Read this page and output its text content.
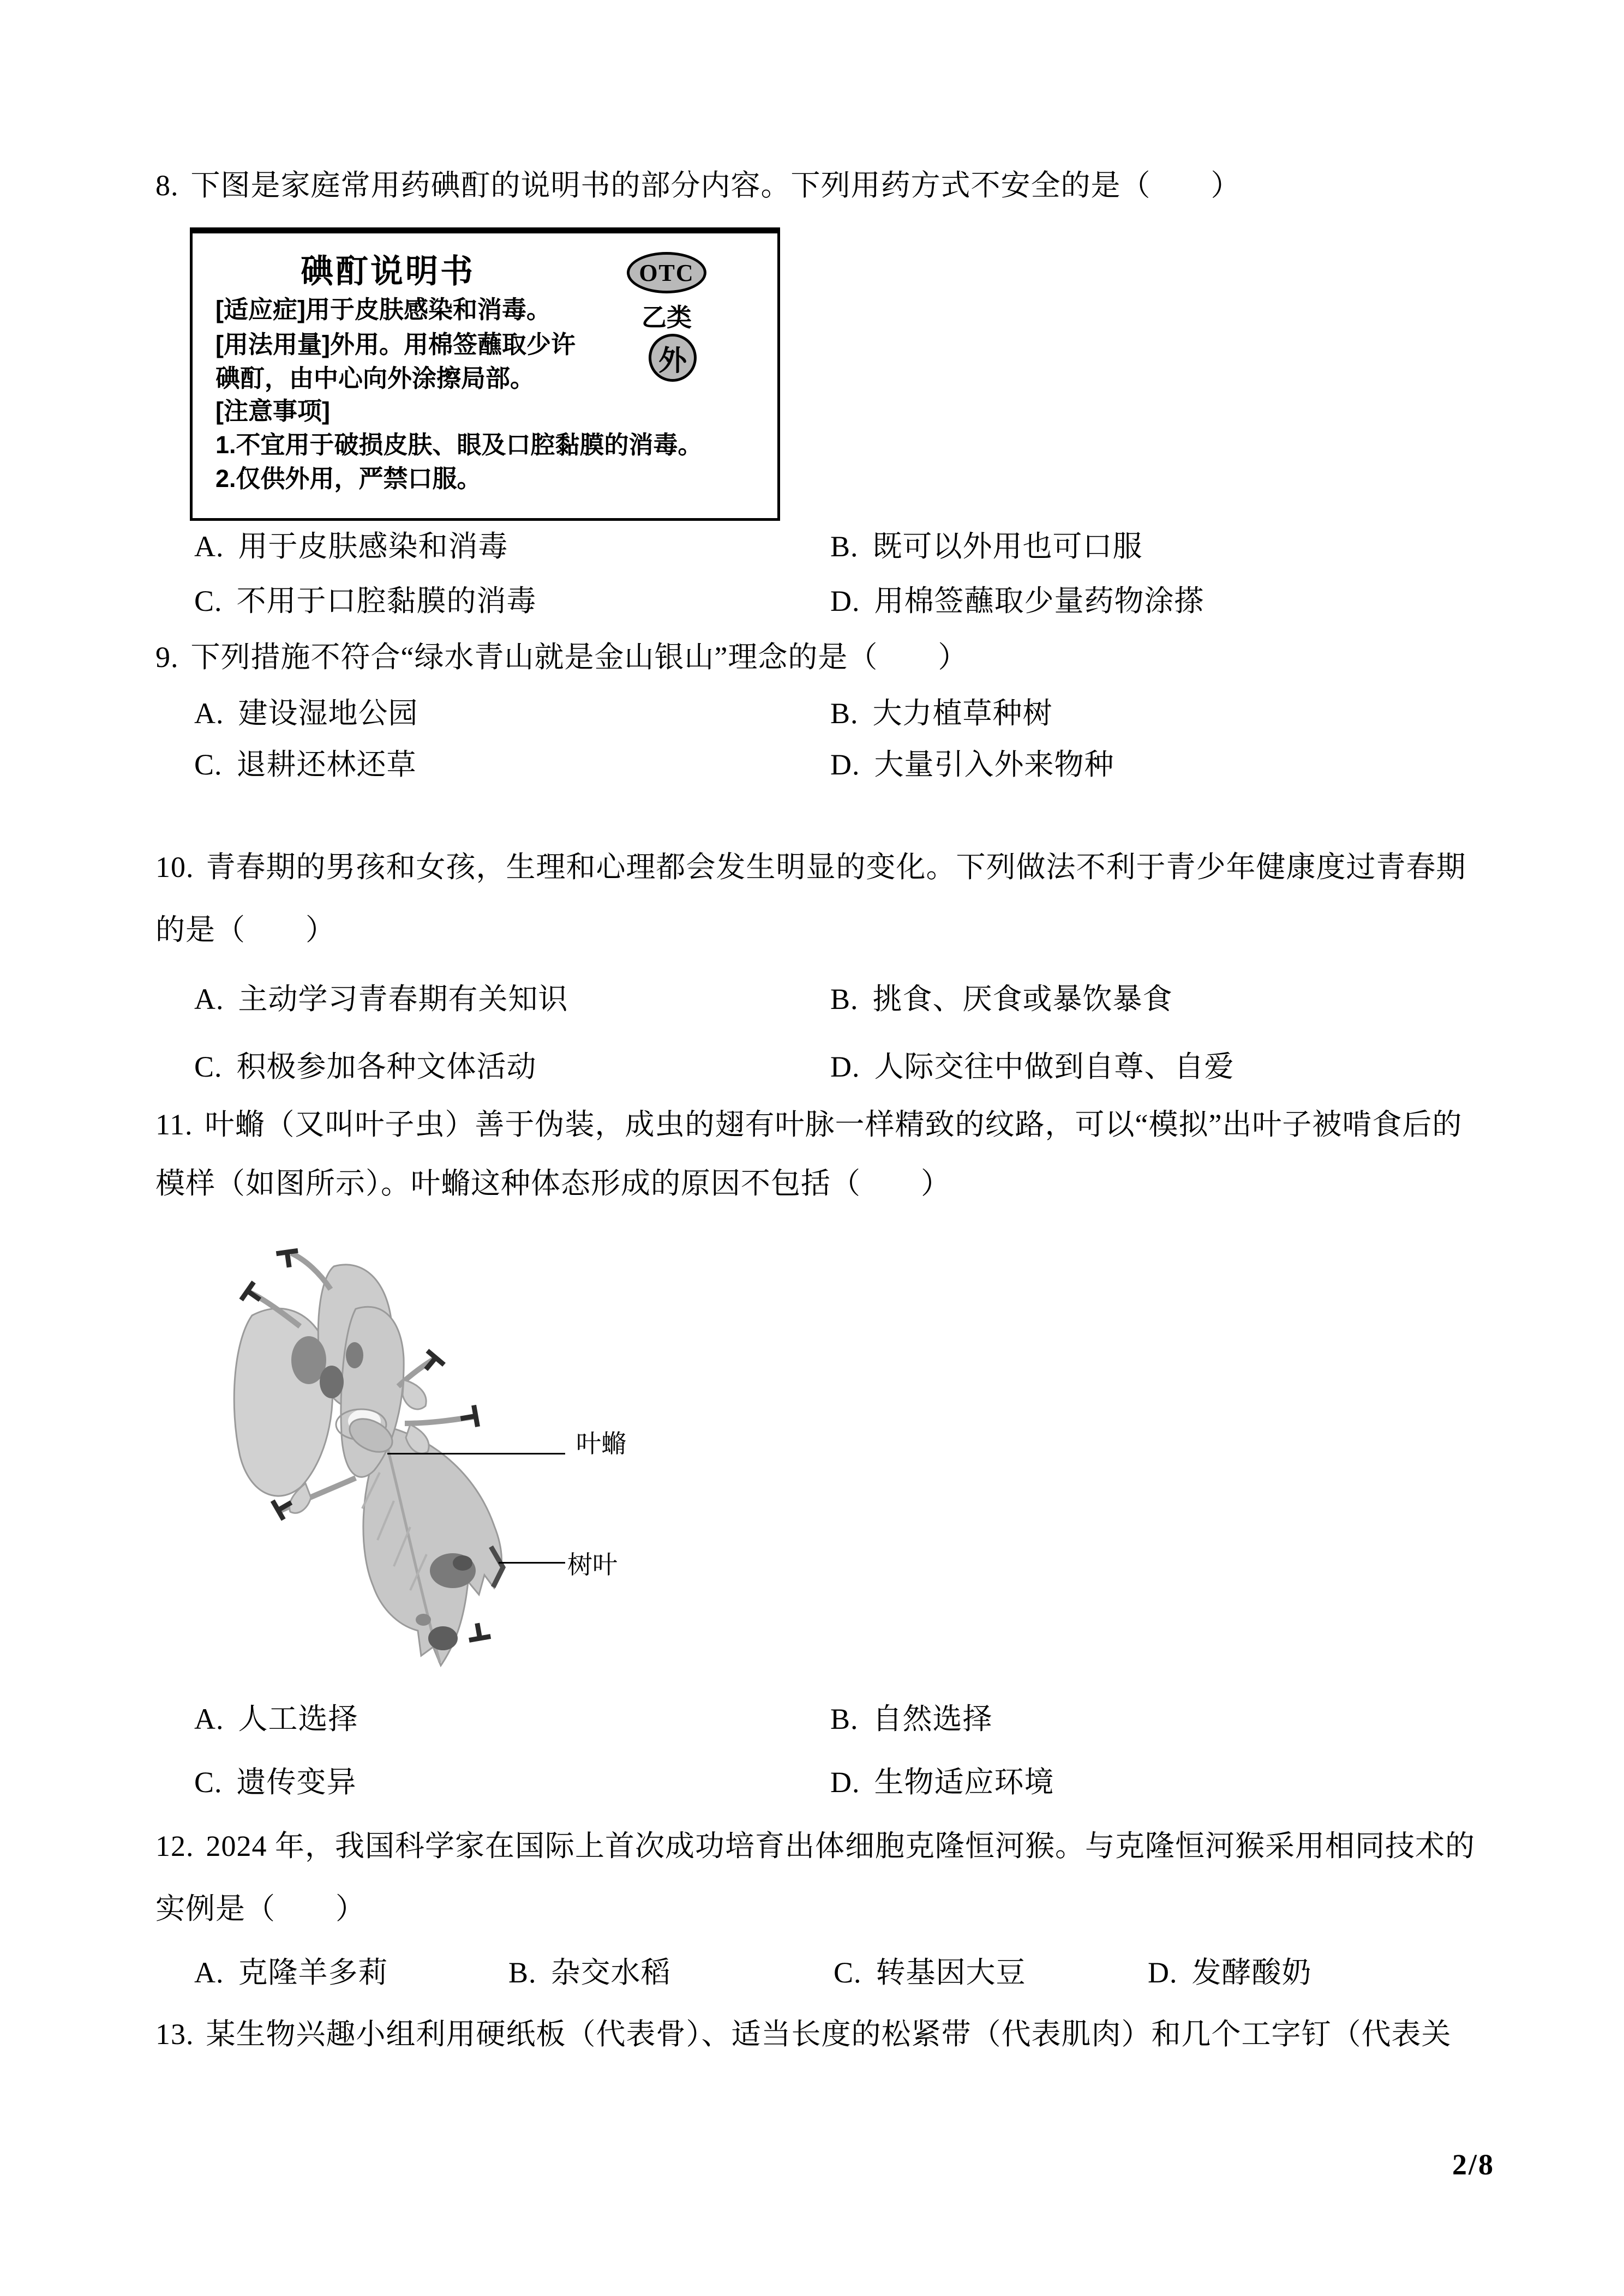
8. 下图是家庭常用药碘酊的说明书的部分内容。下列用药方式不安全的是（　　）
碘酊说明书	OTC
乙类
外
[适应症]用于皮肤感染和消毒。
[用法用量]外用。用棉签蘸取少许
碘酊，由中心向外涂擦局部。
[注意事项]
1.不宜用于破损皮肤、眼及口腔黏膜的消毒。
2.仅供外用，严禁口服。
A. 用于皮肤感染和消毒	B. 既可以外用也可口服
C. 不用于口腔黏膜的消毒	D. 用棉签蘸取少量药物涂搽
9. 下列措施不符合“绿水青山就是金山银山”理念的是（　　）
A. 建设湿地公园	B. 大力植草种树
C. 退耕还林还草	D. 大量引入外来物种
10. 青春期的男孩和女孩，生理和心理都会发生明显的变化。下列做法不利于青少年健康度过青春期
的是（　　）
A. 主动学习青春期有关知识	B. 挑食、厌食或暴饮暴食
C. 积极参加各种文体活动	D. 人际交往中做到自尊、自爱
11. 叶䗛（又叫叶子虫）善于伪装，成虫的翅有叶脉一样精致的纹路，可以“模拟”出叶子被啃食后的
模样（如图所示）。叶䗛这种体态形成的原因不包括（　　）
叶䗛
树叶
A. 人工选择	B. 自然选择
C. 遗传变异	D. 生物适应环境
12. 2024 年，我国科学家在国际上首次成功培育出体细胞克隆恒河猴。与克隆恒河猴采用相同技术的
实例是（　　）
A. 克隆羊多莉	B. 杂交水稻	C. 转基因大豆	D. 发酵酸奶
13. 某生物兴趣小组利用硬纸板（代表骨）、适当长度的松紧带（代表肌肉）和几个工字钉（代表关
2/8
